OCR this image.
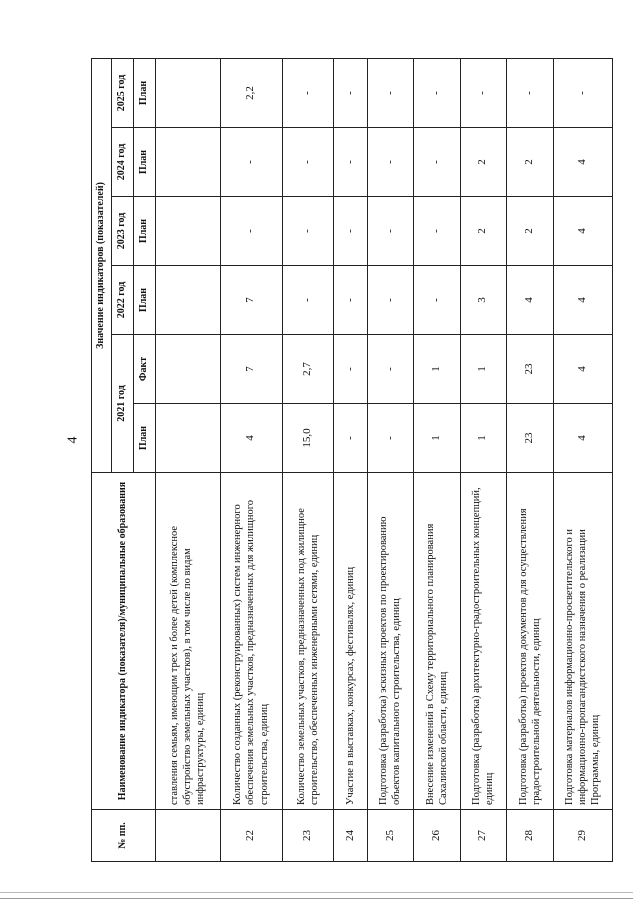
4
№ пп.	Наименование индикатора (показателя)/муниципальные образования	Значение индикаторов (показателей)					
		2021 год		2022 год	2023 год	2024 год	2025 год
		План	Факт	План	План	План	План
	ставления семьям, имеющим трех и более детей (комплексное обустройство земельных участков), в том числе по видам инфраструктуры, единиц						
22	Количество созданных (реконструированных) систем инженерного обеспечения земельных участков, предназначенных для жилищного строительства, единиц	4	7	7	-	-	2,2
23	Количество земельных участков, предназначенных под жилищное строительство, обеспеченных инженерными сетями, единиц	15,0	2,7	-	-	-	-
24	Участие в выставках, конкурсах, фестивалях, единиц	-	-	-	-	-	-
25	Подготовка (разработка) эскизных проектов по проектированию объектов капитального строительства, единиц	-	-	-	-	-	-
26	Внесение изменений в Схему территориального планирования Сахалинской области, единиц	1	1	-	-	-	-
27	Подготовка (разработка) архитектурно-градостроительных концепций, единиц	1	1	3	2	2	-
28	Подготовка (разработка) проектов документов для осуществления градостроительной деятельности, единиц	23	23	4	2	2	-
29	Подготовка материалов информационно-просветительского и информационно-пропагандистского назначения о реализации Программы, единиц	4	4	4	4	4	-
